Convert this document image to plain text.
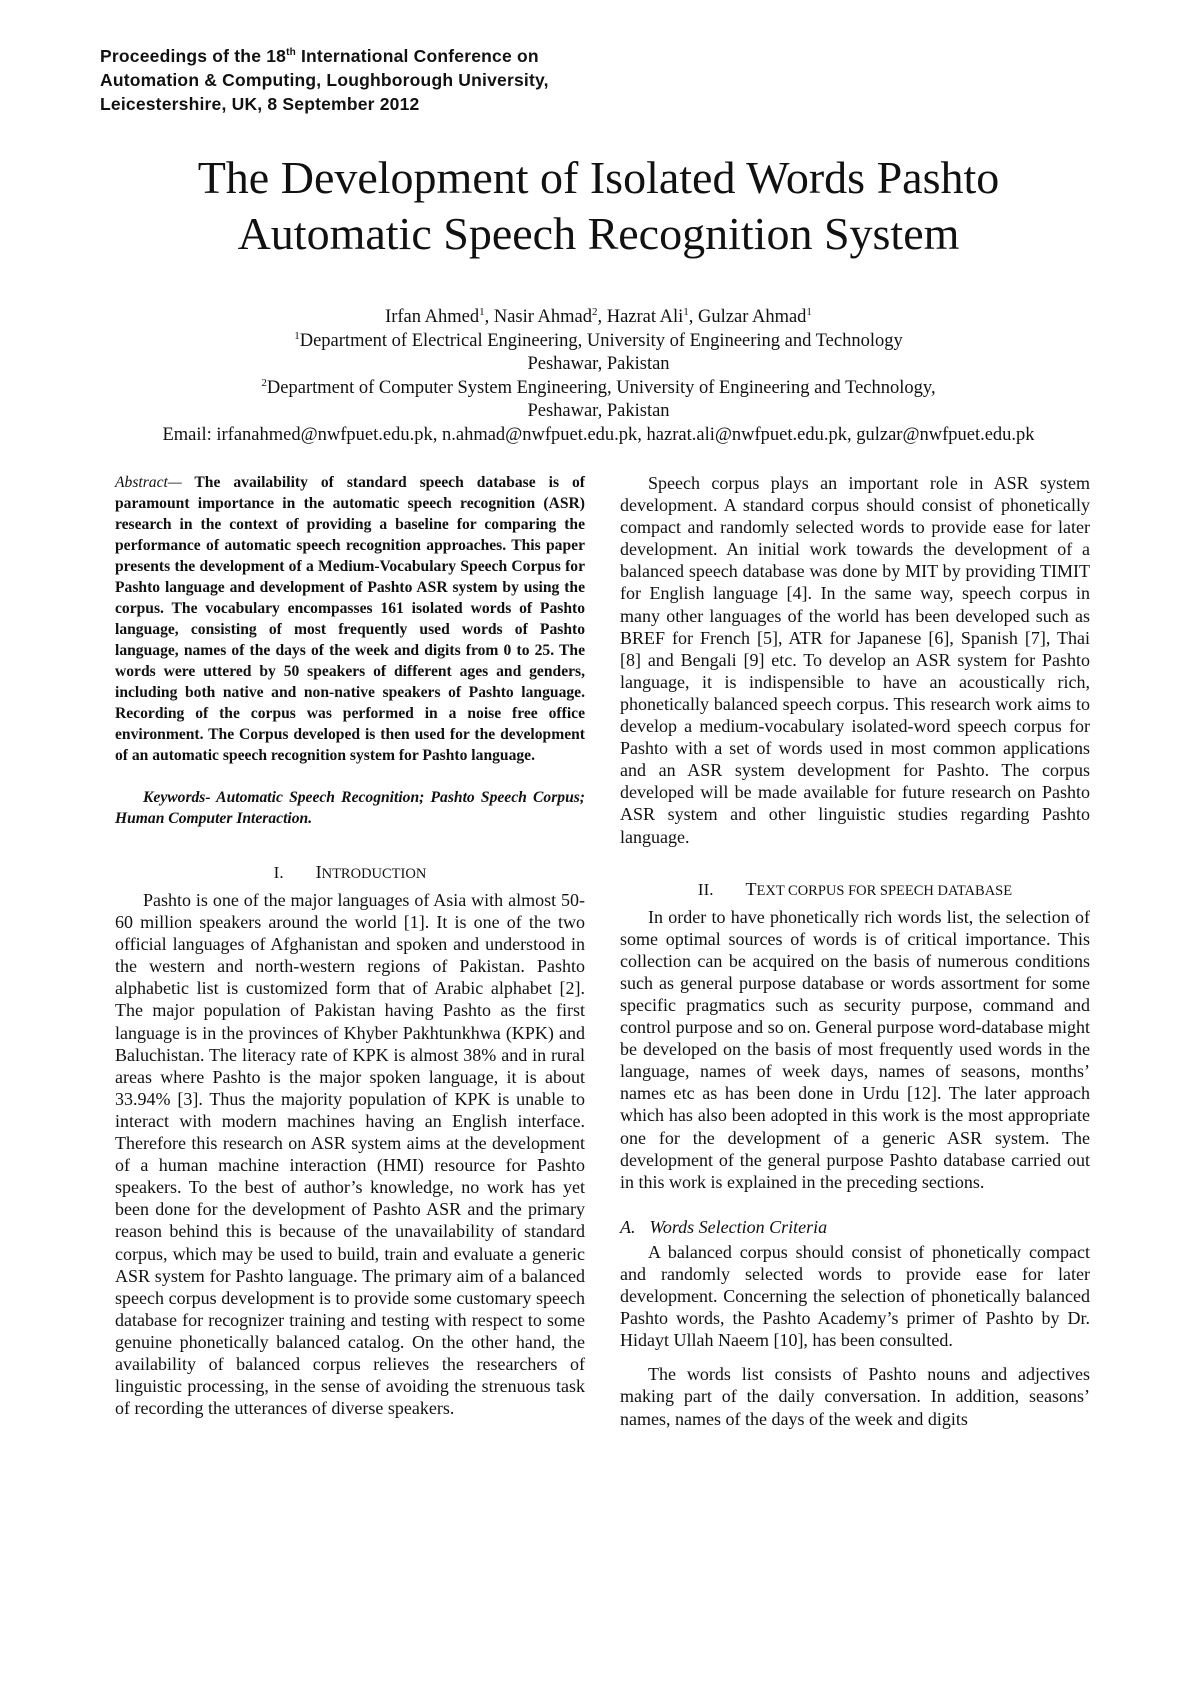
Proceedings of the 18th International Conference on
Automation & Computing, Loughborough University,
Leicestershire, UK, 8 September 2012
The Development of Isolated Words Pashto
Automatic Speech Recognition System
Irfan Ahmed$^1$, Nasir Ahmad$^2$, Hazrat Ali$^1$, Gulzar Ahmad$^1$
$^1$Department of Electrical Engineering, University of Engineering and Technology
Peshawar, Pakistan
$^2$Department of Computer System Engineering, University of Engineering and Technology,
Peshawar, Pakistan
Email: irfanahmed@nwfpuet.edu.pk, n.ahmad@nwfpuet.edu.pk, hazrat.ali@nwfpuet.edu.pk, gulzar@nwfpuet.edu.pk

Abstract— The availability of standard speech database is of paramount importance in the automatic speech recognition (ASR) research in the context of providing a baseline for comparing the performance of automatic speech recognition approaches. This paper presents the development of a Medium-Vocabulary Speech Corpus for Pashto language and development of Pashto ASR system by using the corpus. The vocabulary encompasses 161 isolated words of Pashto language, consisting of most frequently used words of Pashto language, names of the days of the week and digits from 0 to 25. The words were uttered by 50 speakers of different ages and genders, including both native and non-native speakers of Pashto language. Recording of the corpus was performed in a noise free office environment. The Corpus developed is then used for the development of an automatic speech recognition system for Pashto language.

Keywords- Automatic Speech Recognition; Pashto Speech Corpus; Human Computer Interaction.

I. INTRODUCTION

Pashto is one of the major languages of Asia with almost 50-60 million speakers around the world [1]. It is one of the two official languages of Afghanistan and spoken and understood in the western and north-western regions of Pakistan. Pashto alphabetic list is customized form that of Arabic alphabet [2]. The major population of Pakistan having Pashto as the first language is in the provinces of Khyber Pakhtunkhwa (KPK) and Baluchistan. The literacy rate of KPK is almost 38% and in rural areas where Pashto is the major spoken language, it is about 33.94% [3]. Thus the majority population of KPK is unable to interact with modern machines having an English interface. Therefore this research on ASR system aims at the development of a human machine interaction (HMI) resource for Pashto speakers. To the best of author’s knowledge, no work has yet been done for the development of Pashto ASR and the primary reason behind this is because of the unavailability of standard corpus, which may be used to build, train and evaluate a generic ASR system for Pashto language. The primary aim of a balanced speech corpus development is to provide some customary speech database for recognizer training and testing with respect to some genuine phonetically balanced catalog. On the other hand, the availability of balanced corpus relieves the researchers of linguistic processing, in the sense of avoiding the strenuous task of recording the utterances of diverse speakers.

Speech corpus plays an important role in ASR system development. A standard corpus should consist of phonetically compact and randomly selected words to provide ease for later development. An initial work towards the development of a balanced speech database was done by MIT by providing TIMIT for English language [4]. In the same way, speech corpus in many other languages of the world has been developed such as BREF for French [5], ATR for Japanese [6], Spanish [7], Thai [8] and Bengali [9] etc. To develop an ASR system for Pashto language, it is indispensible to have an acoustically rich, phonetically balanced speech corpus. This research work aims to develop a medium-vocabulary isolated-word speech corpus for Pashto with a set of words used in most common applications and an ASR system development for Pashto. The corpus developed will be made available for future research on Pashto ASR system and other linguistic studies regarding Pashto language.

II. TEXT CORPUS FOR SPEECH DATABASE

In order to have phonetically rich words list, the selection of some optimal sources of words is of critical importance. This collection can be acquired on the basis of numerous conditions such as general purpose database or words assortment for some specific pragmatics such as security purpose, command and control purpose and so on. General purpose word-database might be developed on the basis of most frequently used words in the language, names of week days, names of seasons, months’ names etc as has been done in Urdu [12]. The later approach which has also been adopted in this work is the most appropriate one for the development of a generic ASR system. The development of the general purpose Pashto database carried out in this work is explained in the preceding sections.

A. Words Selection Criteria

A balanced corpus should consist of phonetically compact and randomly selected words to provide ease for later development. Concerning the selection of phonetically balanced Pashto words, the Pashto Academy’s primer of Pashto by Dr. Hidayt Ullah Naeem [10], has been consulted.

The words list consists of Pashto nouns and adjectives making part of the daily conversation. In addition, seasons’ names, names of the days of the week and digits
